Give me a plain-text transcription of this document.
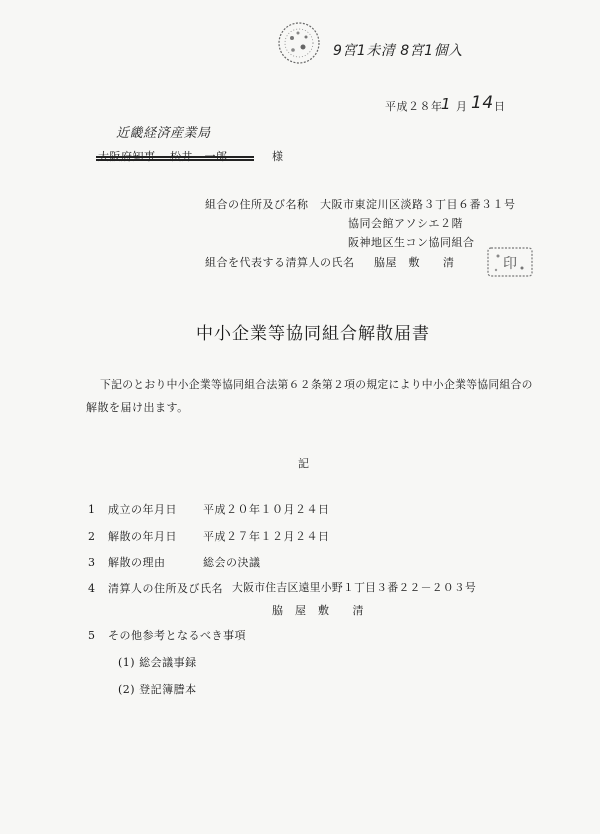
9宮1未清 8宮1個入
平成２８年
1 月 14 日
近畿経済産業局
様
組合の住所及び名称 大阪市東淀川区淡路３丁目６番３１号
協同会館アソシエ２階
阪神地区生コン協同組合
組合を代表する清算人の氏名 脇屋　敷　　清	印
中小企業等協同組合解散届書
下記のとおり中小企業等協同組合法第６２条第２項の規定により中小企業等協同組合の
解散を届け出ます。
記
1 成立の年月日 平成２０年１０月２４日
2 解散の年月日 平成２７年１２月２４日
3 解散の理由	総会の決議
4 清算人の住所及び氏名 大阪市住吉区遠里小野１丁目３番２２－２０３号
脇　屋　敷　　清
5 その他参考となるべき事項
(1) 総会議事録
(2) 登記簿謄本
